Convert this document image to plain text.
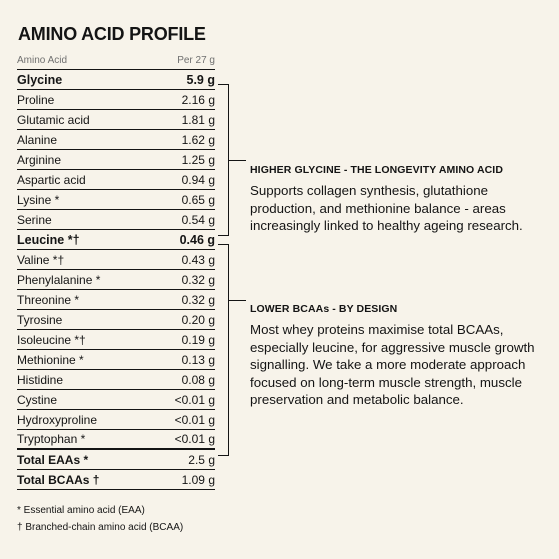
AMINO ACID PROFILE
Amino Acid	Per 27 g
Glycine	5.9 g
Proline	2.16 g
Glutamic acid	1.81 g
Alanine	1.62 g
Arginine	1.25 g
Aspartic acid	0.94 g
Lysine *	0.65 g
Serine	0.54 g
Leucine *†	0.46 g
Valine *†	0.43 g
Phenylalanine *	0.32 g
Threonine *	0.32 g
Tyrosine	0.20 g
Isoleucine *†	0.19 g
Methionine *	0.13 g
Histidine	0.08 g
Cystine	<0.01 g
Hydroxyproline	<0.01 g
Tryptophan *	<0.01 g
Total EAAs *	2.5 g
Total BCAAs †	1.09 g
* Essential amino acid (EAA)
† Branched-chain amino acid (BCAA)
HIGHER GLYCINE - THE LONGEVITY AMINO ACID

Supports collagen synthesis, glutathione production, and methionine balance - areas increasingly linked to healthy ageing research.

LOWER BCAAs - BY DESIGN

Most whey proteins maximise total BCAAs, especially leucine, for aggressive muscle growth signalling. We take a more moderate approach focused on long-term muscle strength, muscle preservation and metabolic balance.
